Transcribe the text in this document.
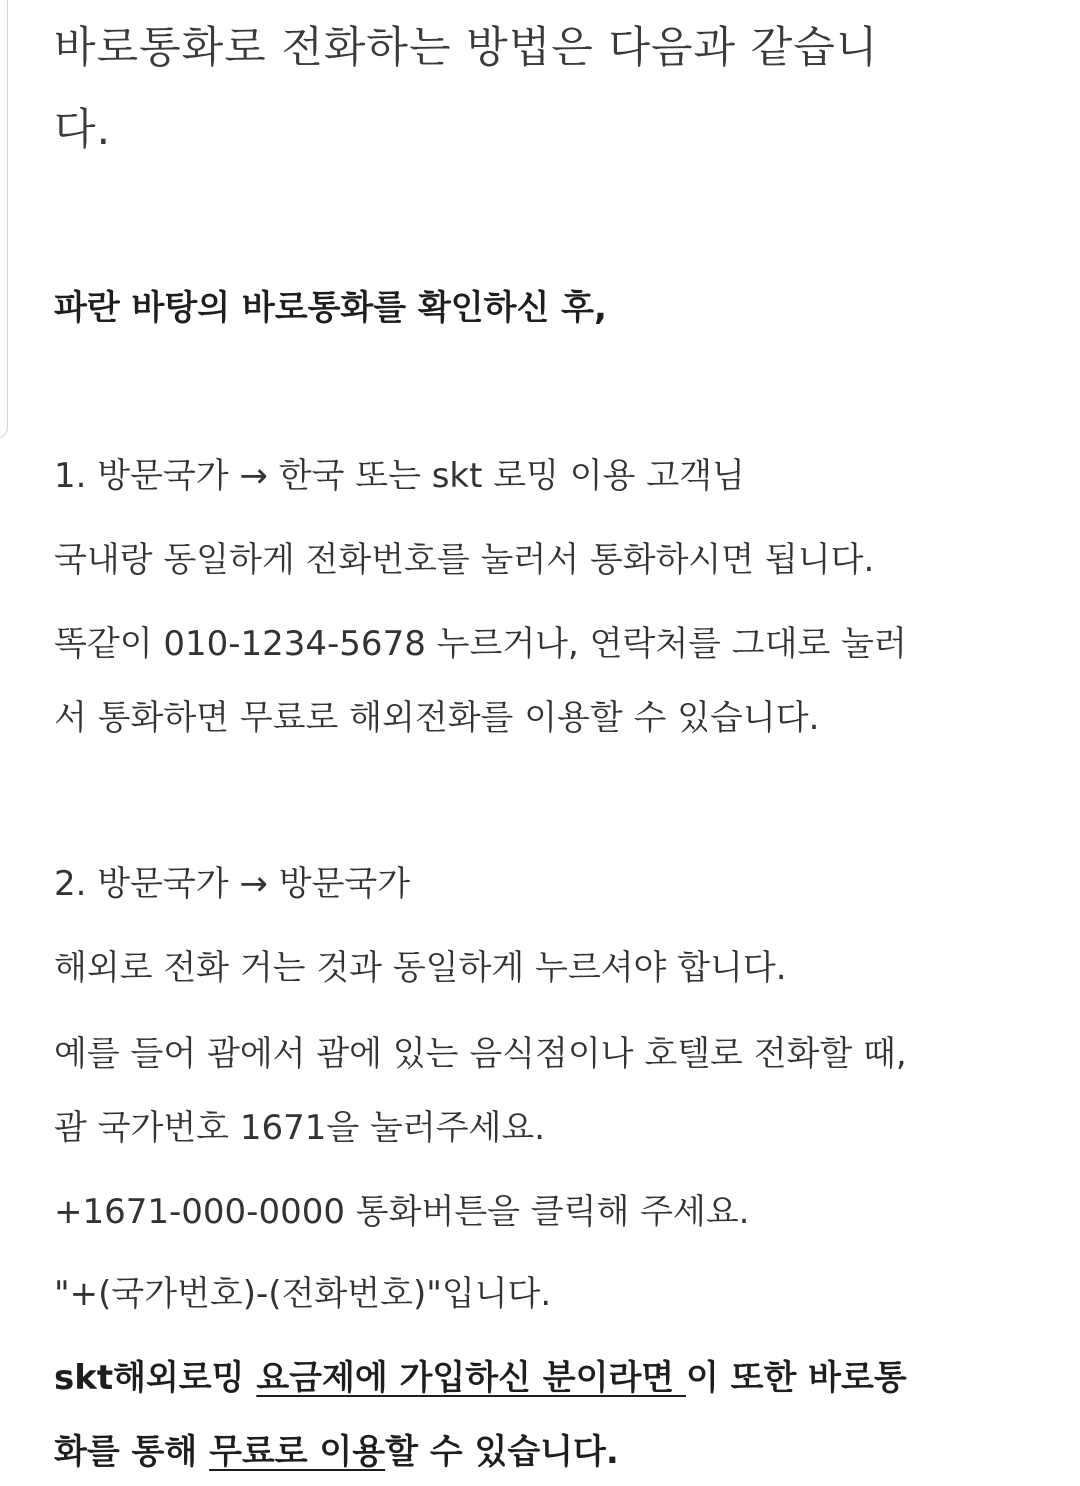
바로통화로 전화하는 방법은 다음과 같습니

다.

파란 바탕의 바로통화를 확인하신 후,

1. 방문국가 → 한국 또는 skt 로밍 이용 고객님

국내랑 동일하게 전화번호를 눌러서 통화하시면 됩니다.

똑같이 010-1234-5678 누르거나, 연락처를 그대로 눌러

서 통화하면 무료로 해외전화를 이용할 수 있습니다.

2. 방문국가 → 방문국가

해외로 전화 거는 것과 동일하게 누르셔야 합니다.

예를 들어 괌에서 괌에 있는 음식점이나 호텔로 전화할 때,

괌 국가번호 1671을 눌러주세요.

+1671-000-0000 통화버튼을 클릭해 주세요.

"+(국가번호)-(전화번호)"입니다.

skt해외로밍 요금제에 가입하신 분이라면 이 또한 바로통

화를 통해 무료로 이용할 수 있습니다.
